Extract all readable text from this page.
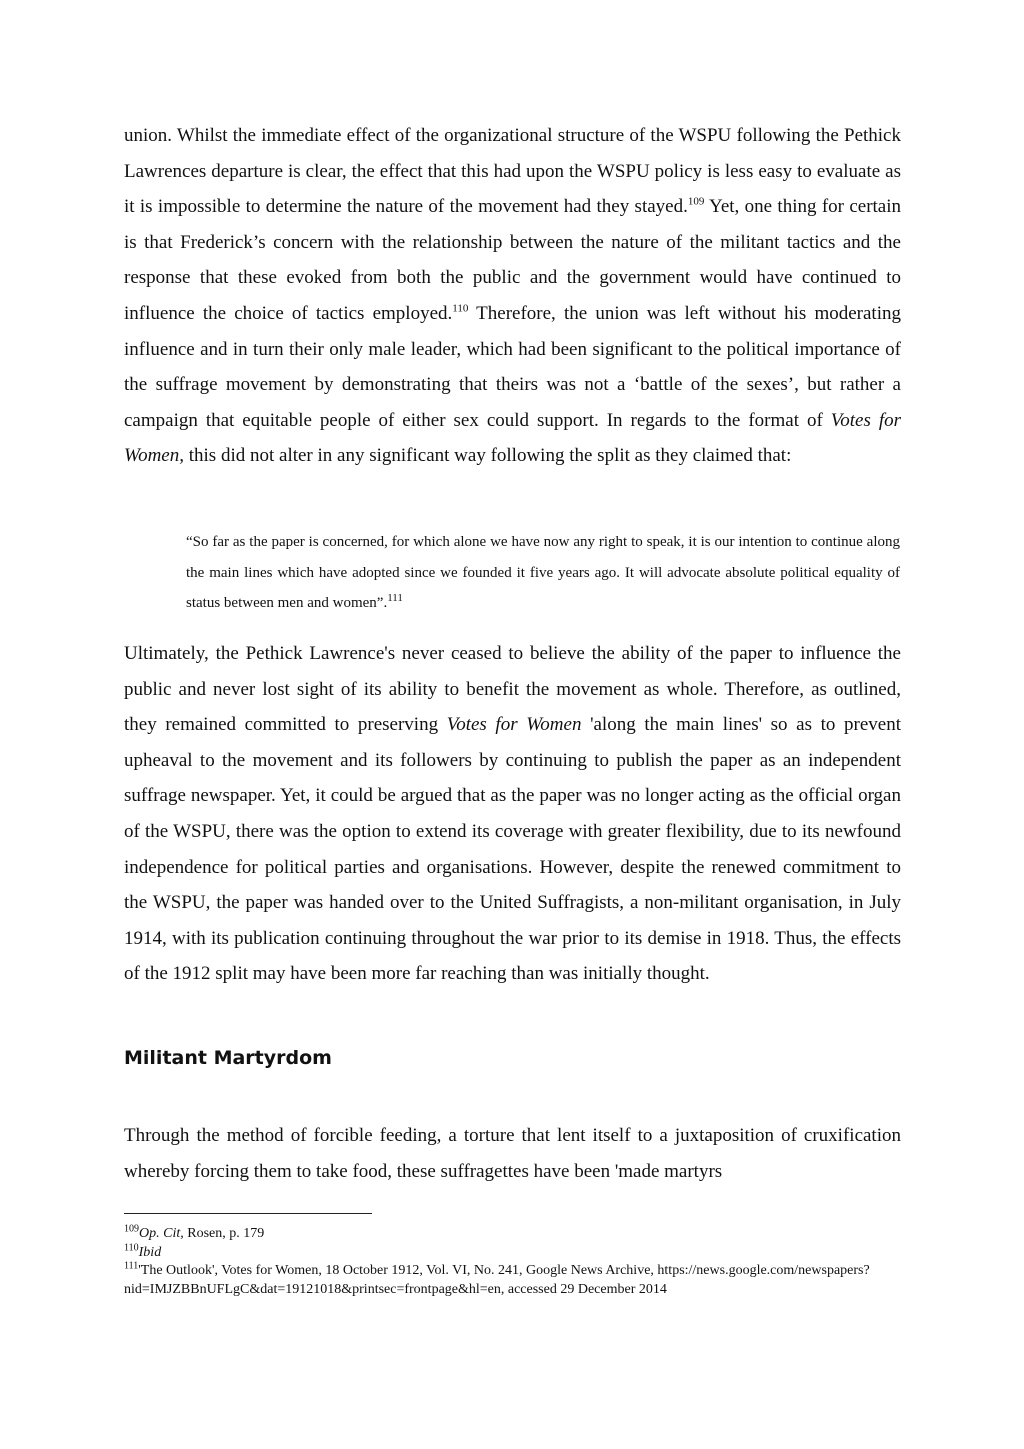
union. Whilst the immediate effect of the organizational structure of the WSPU following the Pethick Lawrences departure is clear, the effect that this had upon the WSPU policy is less easy to evaluate as it is impossible to determine the nature of the movement had they stayed.$^{109}$ Yet, one thing for certain is that Frederick’s concern with the relationship between the nature of the militant tactics and the response that these evoked from both the public and the government would have continued to influence the choice of tactics employed.$^{110}$ Therefore, the union was left without his moderating influence and in turn their only male leader, which had been significant to the political importance of the suffrage movement by demonstrating that theirs was not a ‘battle of the sexes’, but rather a campaign that equitable people of either sex could support. In regards to the format of Votes for Women, this did not alter in any significant way following the split as they claimed that:

“So far as the paper is concerned, for which alone we have now any right to speak, it is our intention to continue along the main lines which have adopted since we founded it five years ago. It will advocate absolute political equality of status between men and women”.$^{111}$

Ultimately, the Pethick Lawrence's never ceased to believe the ability of the paper to influence the public and never lost sight of its ability to benefit the movement as whole. Therefore, as outlined, they remained committed to preserving Votes for Women 'along the main lines' so as to prevent upheaval to the movement and its followers by continuing to publish the paper as an independent suffrage newspaper. Yet, it could be argued that as the paper was no longer acting as the official organ of the WSPU, there was the option to extend its coverage with greater flexibility, due to its newfound independence for political parties and organisations. However, despite the renewed commitment to the WSPU, the paper was handed over to the United Suffragists, a non-militant organisation, in July 1914, with its publication continuing throughout the war prior to its demise in 1918. Thus, the effects of the 1912 split may have been more far reaching than was initially thought.

Militant Martyrdom

Through the method of forcible feeding, a torture that lent itself to a juxtaposition of cruxification whereby forcing them to take food, these suffragettes have been 'made martyrs

$^{109}$Op. Cit, Rosen, p. 179

$^{110}$Ibid

$^{111}$'The Outlook', Votes for Women, 18 October 1912, Vol. VI, No. 241, Google News Archive, https://news.google.com/newspapers?nid=IMJZBBnUFLgC&dat=19121018&printsec=frontpage&hl=en, accessed 29 December 2014
